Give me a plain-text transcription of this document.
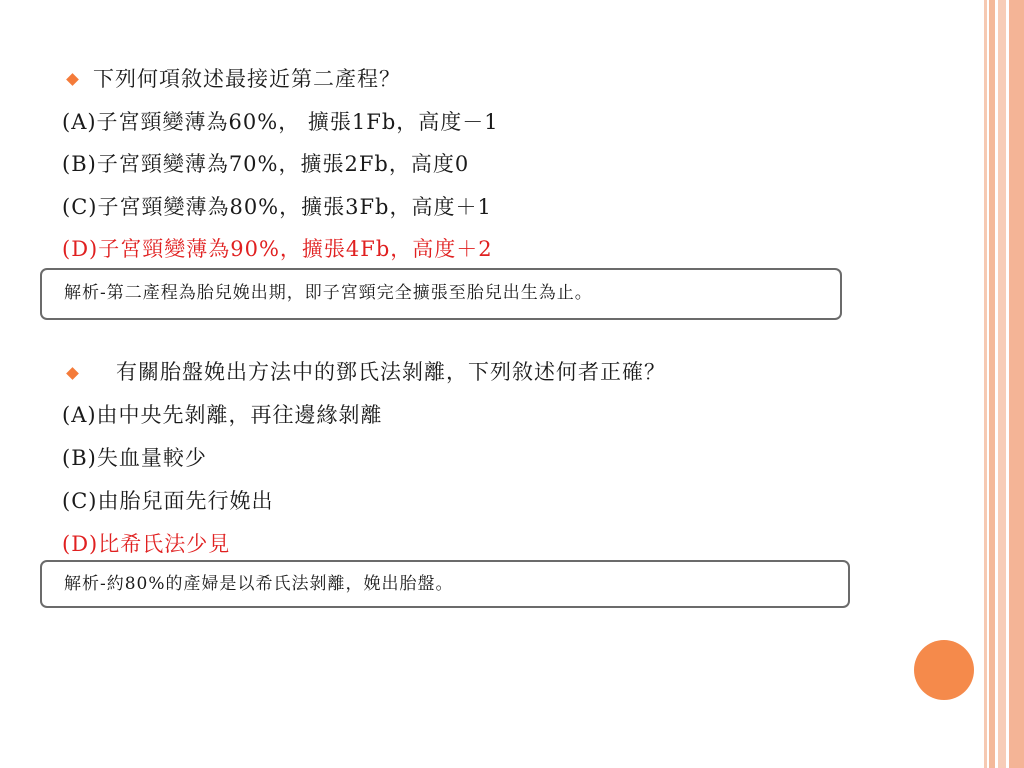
下列何項敘述最接近第二產程？
(A)子宮頸變薄為60%， 擴張1Fb，高度－1
(B)子宮頸變薄為70%，擴張2Fb，高度0
(C)子宮頸變薄為80%，擴張3Fb，高度＋1
(D)子宮頸變薄為90%，擴張4Fb，高度＋2
解析-第二產程為胎兒娩出期，即子宮頸完全擴張至胎兒出生為止。
有關胎盤娩出方法中的鄧氏法剝離，下列敘述何者正確？
(A)由中央先剝離，再往邊緣剝離
(B)失血量較少
(C)由胎兒面先行娩出
(D)比希氏法少見
解析-約80%的產婦是以希氏法剝離，娩出胎盤。
